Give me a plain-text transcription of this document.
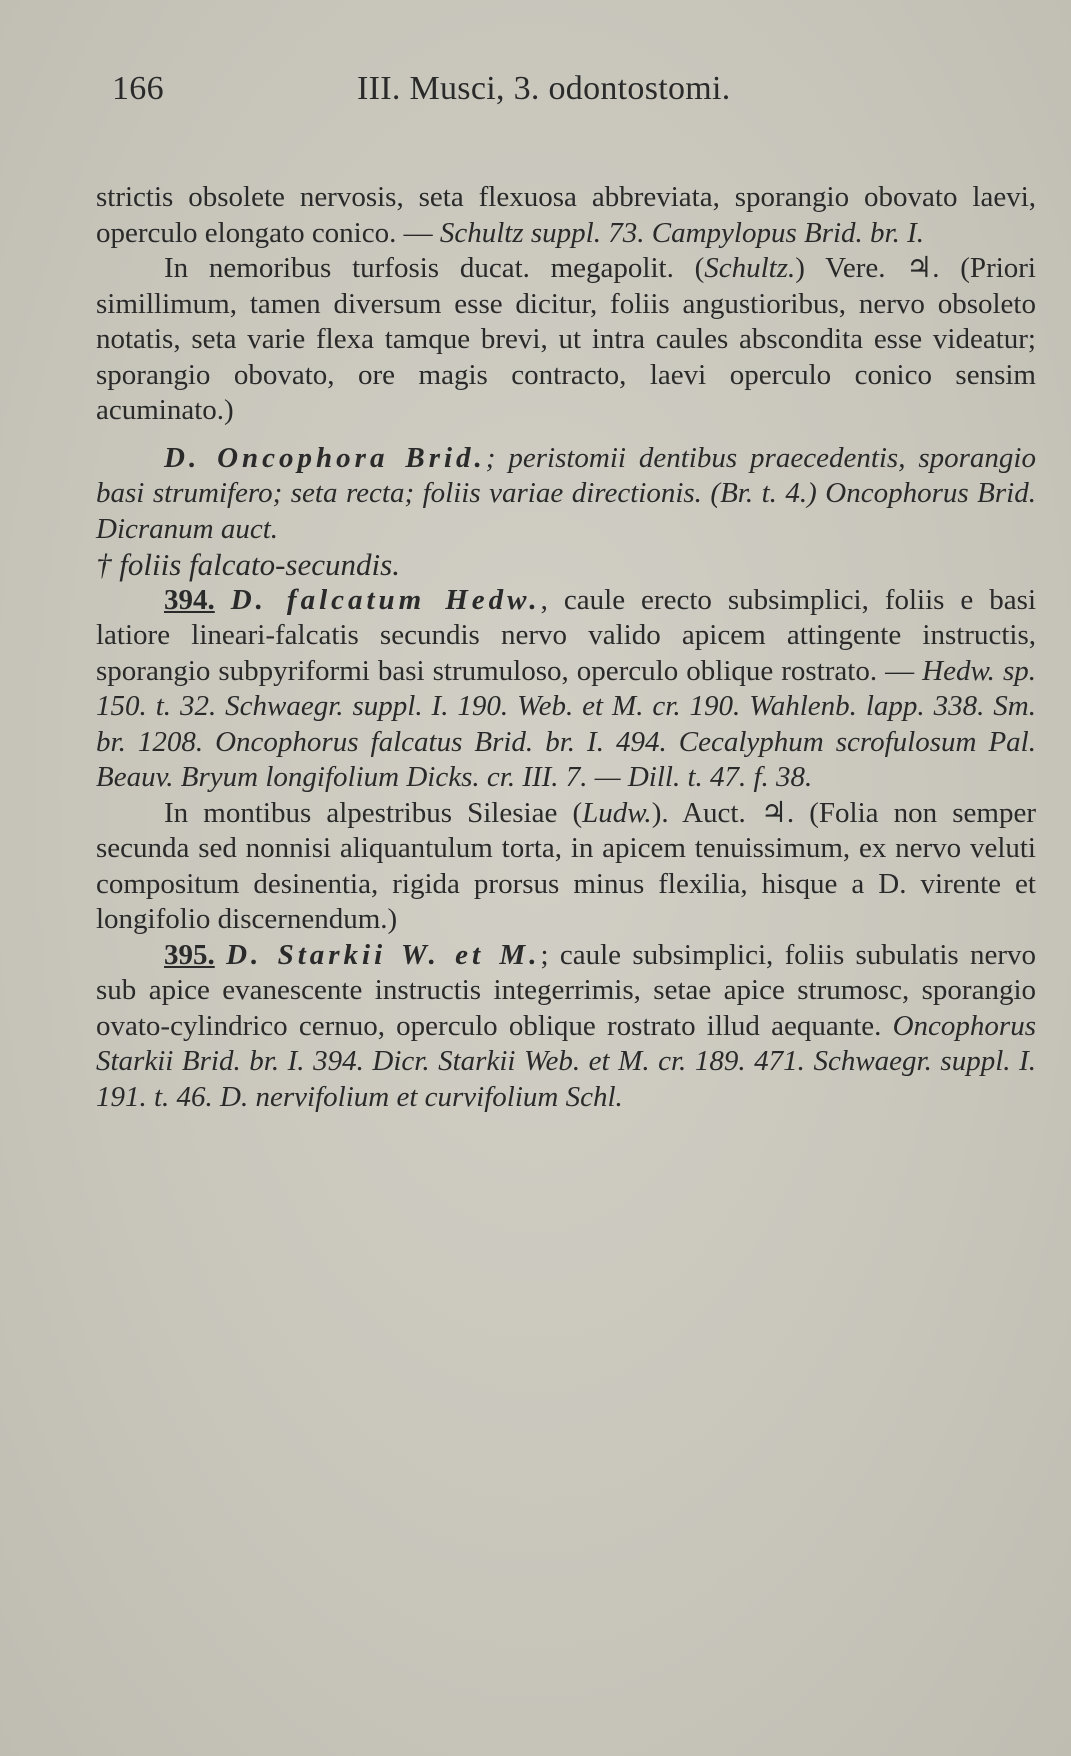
166	III. Musci, 3. odontostomi.

strictis obsolete nervosis, seta flexuosa abbreviata, sporangio obovato laevi, operculo elongato conico. — Schultz suppl. 73. Campylopus Brid. br. I.

In nemoribus turfosis ducat. megapolit. (Schultz.) Vere. ♃. (Priori simillimum, tamen diversum esse dicitur, foliis angustioribus, nervo obsoleto notatis, seta varie flexa tamque brevi, ut intra caules abscondita esse videatur; sporangio obovato, ore magis contracto, laevi operculo conico sensim acuminato.)

D. Oncophora Brid.; peristomii dentibus praecedentis, sporangio basi strumifero; seta recta; foliis variae directionis. (Br. t. 4.) Oncophorus Brid. Dicranum auct.

† foliis falcato-secundis.

394. D. falcatum Hedw., caule erecto subsimplici, foliis e basi latiore lineari-falcatis secundis nervo valido apicem attingente instructis, sporangio subpyriformi basi strumuloso, operculo oblique rostrato. — Hedw. sp. 150. t. 32. Schwaegr. suppl. I. 190. Web. et M. cr. 190. Wahlenb. lapp. 338. Sm. br. 1208. Oncophorus falcatus Brid. br. I. 494. Cecalyphum scrofulosum Pal. Beauv. Bryum longifolium Dicks. cr. III. 7. — Dill. t. 47. f. 38.

In montibus alpestribus Silesiae (Ludw.). Auct. ♃. (Folia non semper secunda sed nonnisi aliquantulum torta, in apicem tenuissimum, ex nervo veluti compositum desinentia, rigida prorsus minus flexilia, hisque a D. virente et longifolio discernendum.)

395. D. Starkii W. et M.; caule subsimplici, foliis subulatis nervo sub apice evanescente instructis integerrimis, setae apice strumosc, sporangio ovato-cylindrico cernuo, operculo oblique rostrato illud aequante. Oncophorus Starkii Brid. br. I. 394. Dicr. Starkii Web. et M. cr. 189. 471. Schwaegr. suppl. I. 191. t. 46. D. nervifolium et curvifolium Schl.
